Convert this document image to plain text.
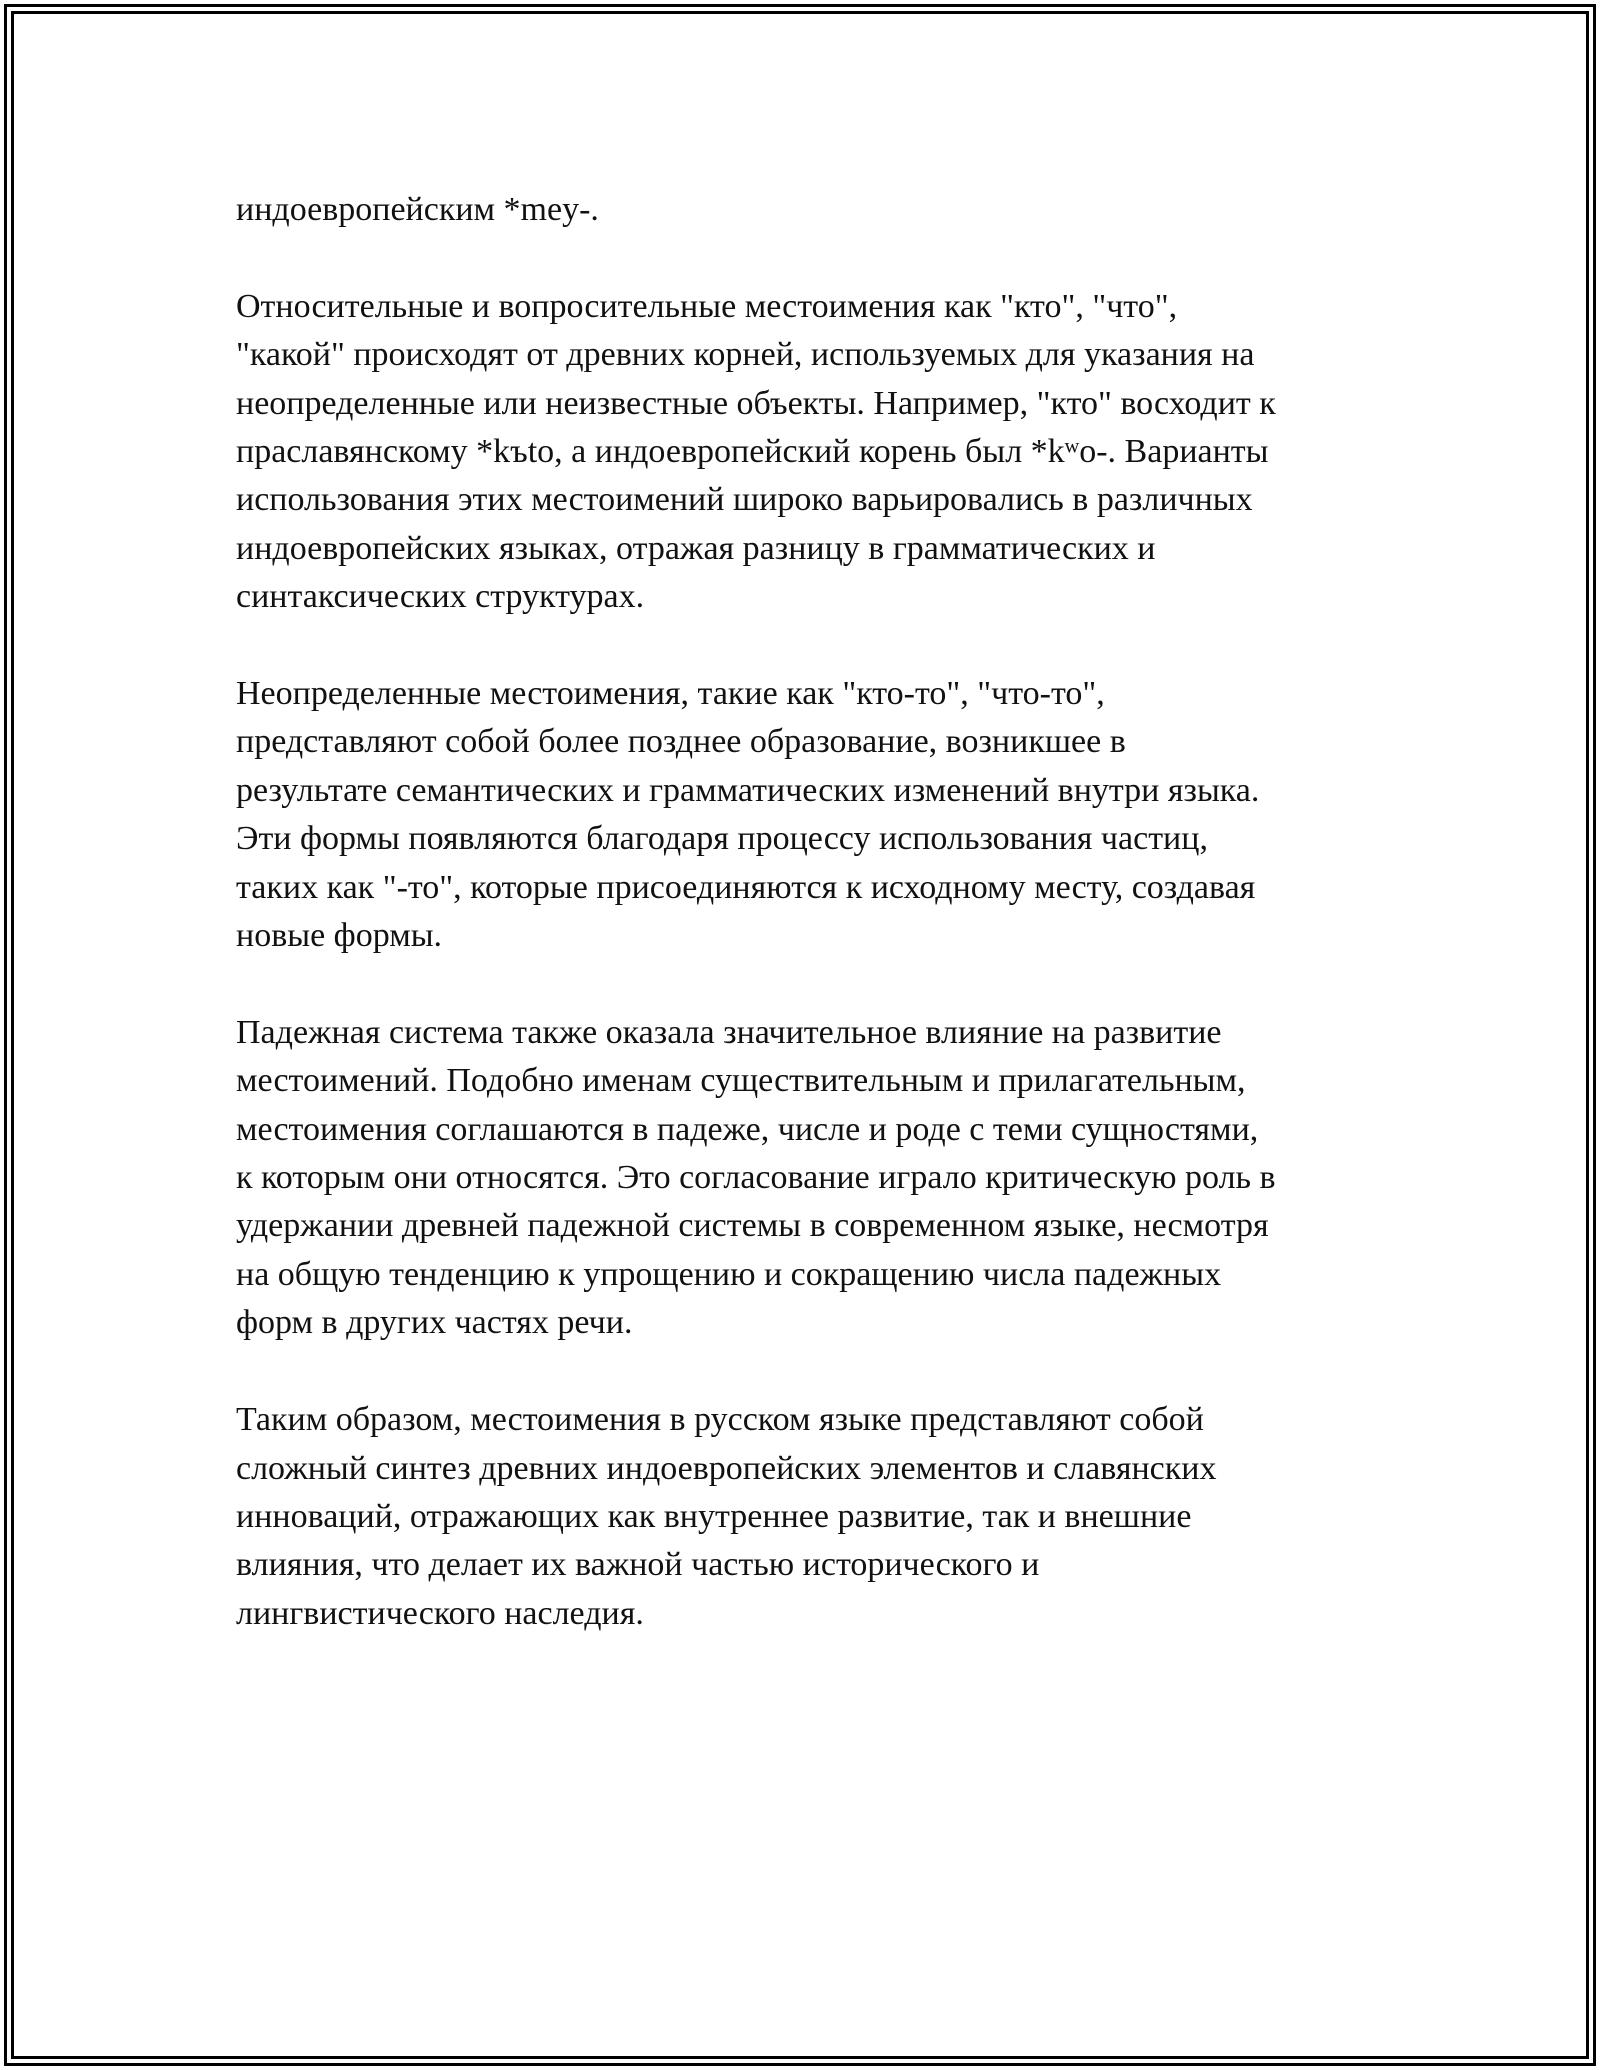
индоевропейским *mey-.

Относительные и вопросительные местоимения как "кто", "что",
"какой" происходят от древних корней, используемых для указания на
неопределенные или неизвестные объекты. Например, "кто" восходит к
праславянскому *kъto, а индоевропейский корень был *kʷo-. Варианты
использования этих местоимений широко варьировались в различных
индоевропейских языках, отражая разницу в грамматических и
синтаксических структурах.

Неопределенные местоимения, такие как "кто-то", "что-то",
представляют собой более позднее образование, возникшее в
результате семантических и грамматических изменений внутри языка.
Эти формы появляются благодаря процессу использования частиц,
таких как "-то", которые присоединяются к исходному месту, создавая
новые формы.

Падежная система также оказала значительное влияние на развитие
местоимений. Подобно именам существительным и прилагательным,
местоимения соглашаются в падеже, числе и роде с теми сущностями,
к которым они относятся. Это согласование играло критическую роль в
удержании древней падежной системы в современном языке, несмотря
на общую тенденцию к упрощению и сокращению числа падежных
форм в других частях речи.

Таким образом, местоимения в русском языке представляют собой
сложный синтез древних индоевропейских элементов и славянских
инноваций, отражающих как внутреннее развитие, так и внешние
влияния, что делает их важной частью исторического и
лингвистического наследия.
